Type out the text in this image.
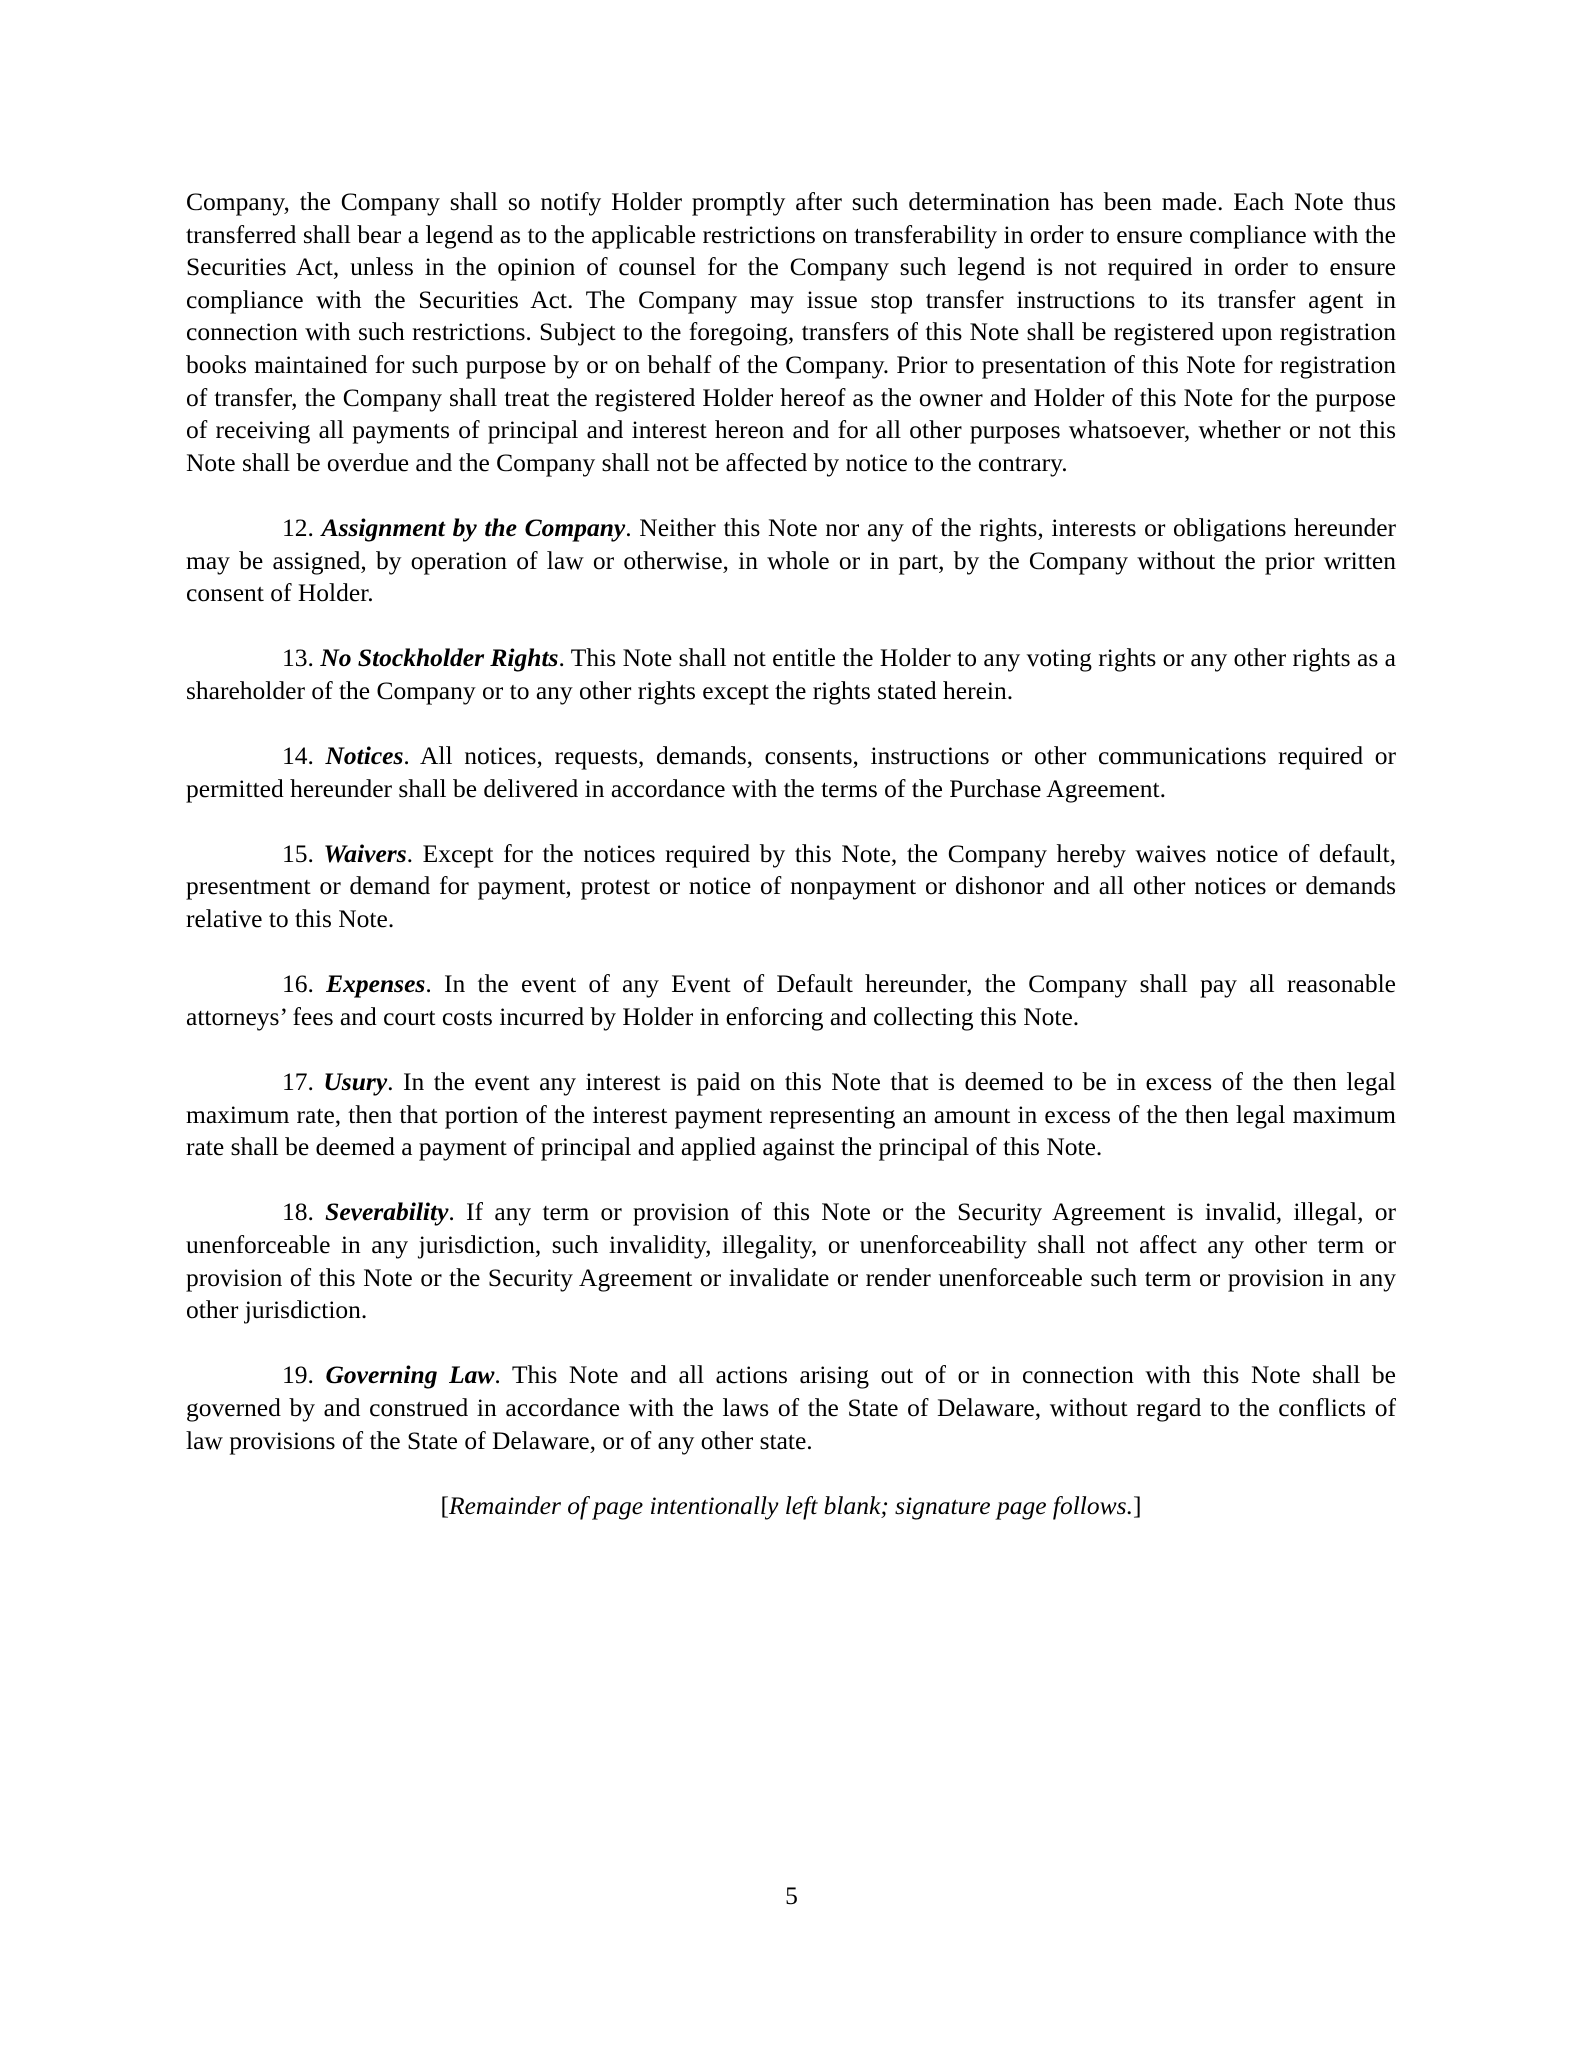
Company, the Company shall so notify Holder promptly after such determination has been made. Each Note thus transferred shall bear a legend as to the applicable restrictions on transferability in order to ensure compliance with the Securities Act, unless in the opinion of counsel for the Company such legend is not required in order to ensure compliance with the Securities Act. The Company may issue stop transfer instructions to its transfer agent in connection with such restrictions. Subject to the foregoing, transfers of this Note shall be registered upon registration books maintained for such purpose by or on behalf of the Company. Prior to presentation of this Note for registration of transfer, the Company shall treat the registered Holder hereof as the owner and Holder of this Note for the purpose of receiving all payments of principal and interest hereon and for all other purposes whatsoever, whether or not this Note shall be overdue and the Company shall not be affected by notice to the contrary.

12. Assignment by the Company. Neither this Note nor any of the rights, interests or obligations hereunder may be assigned, by operation of law or otherwise, in whole or in part, by the Company without the prior written consent of Holder.

13. No Stockholder Rights. This Note shall not entitle the Holder to any voting rights or any other rights as a shareholder of the Company or to any other rights except the rights stated herein.

14. Notices. All notices, requests, demands, consents, instructions or other communications required or permitted hereunder shall be delivered in accordance with the terms of the Purchase Agreement.

15. Waivers. Except for the notices required by this Note, the Company hereby waives notice of default, presentment or demand for payment, protest or notice of nonpayment or dishonor and all other notices or demands relative to this Note.

16. Expenses. In the event of any Event of Default hereunder, the Company shall pay all reasonable attorneys’ fees and court costs incurred by Holder in enforcing and collecting this Note.

17. Usury. In the event any interest is paid on this Note that is deemed to be in excess of the then legal maximum rate, then that portion of the interest payment representing an amount in excess of the then legal maximum rate shall be deemed a payment of principal and applied against the principal of this Note.

18. Severability. If any term or provision of this Note or the Security Agreement is invalid, illegal, or unenforceable in any jurisdiction, such invalidity, illegality, or unenforceability shall not affect any other term or provision of this Note or the Security Agreement or invalidate or render unenforceable such term or provision in any other jurisdiction.

19. Governing Law. This Note and all actions arising out of or in connection with this Note shall be governed by and construed in accordance with the laws of the State of Delaware, without regard to the conflicts of law provisions of the State of Delaware, or of any other state.

[Remainder of page intentionally left blank; signature page follows.]

5
